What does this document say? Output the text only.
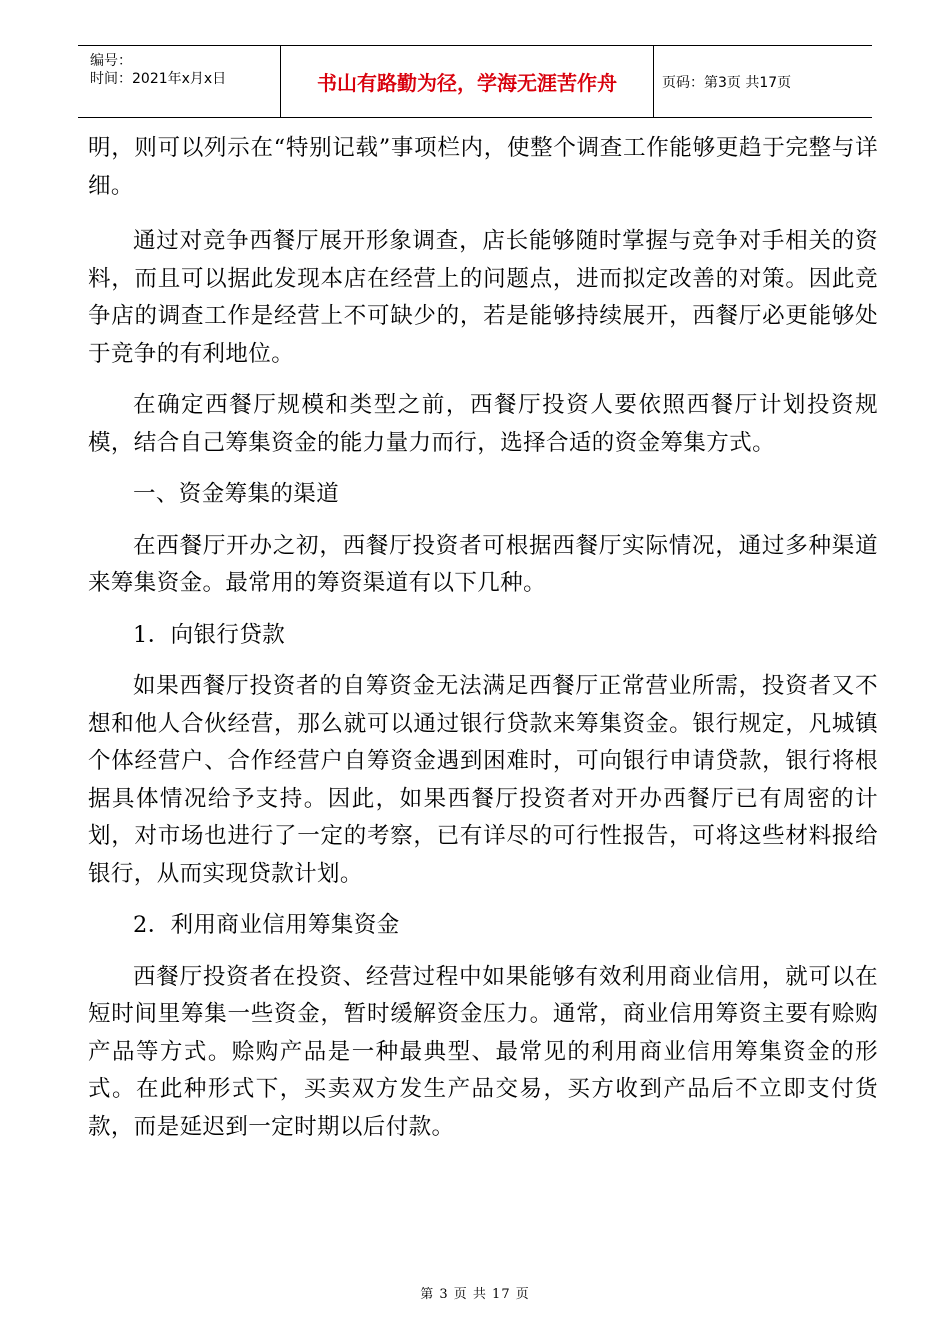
编号：
时间：2021年x月x日	书山有路勤为径，学海无涯苦作舟	页码：第3页 共17页

明，则可以列示在“特别记载”事项栏内，使整个调查工作能够更趋于完整与详细。

通过对竞争西餐厅展开形象调查，店长能够随时掌握与竞争对手相关的资料，而且可以据此发现本店在经营上的问题点，进而拟定改善的对策。因此竞争店的调查工作是经营上不可缺少的，若是能够持续展开，西餐厅必更能够处于竞争的有利地位。

在确定西餐厅规模和类型之前，西餐厅投资人要依照西餐厅计划投资规模，结合自己筹集资金的能力量力而行，选择合适的资金筹集方式。

一、资金筹集的渠道

在西餐厅开办之初，西餐厅投资者可根据西餐厅实际情况，通过多种渠道来筹集资金。最常用的筹资渠道有以下几种。

1．向银行贷款

如果西餐厅投资者的自筹资金无法满足西餐厅正常营业所需，投资者又不想和他人合伙经营，那么就可以通过银行贷款来筹集资金。银行规定，凡城镇个体经营户、合作经营户自筹资金遇到困难时，可向银行申请贷款，银行将根据具体情况给予支持。因此，如果西餐厅投资者对开办西餐厅已有周密的计划，对市场也进行了一定的考察，已有详尽的可行性报告，可将这些材料报给银行，从而实现贷款计划。

2．利用商业信用筹集资金

西餐厅投资者在投资、经营过程中如果能够有效利用商业信用，就可以在短时间里筹集一些资金，暂时缓解资金压力。通常，商业信用筹资主要有赊购产品等方式。赊购产品是一种最典型、最常见的利用商业信用筹集资金的形式。在此种形式下，买卖双方发生产品交易，买方收到产品后不立即支付货款，而是延迟到一定时期以后付款。

第 3 页 共 17 页
